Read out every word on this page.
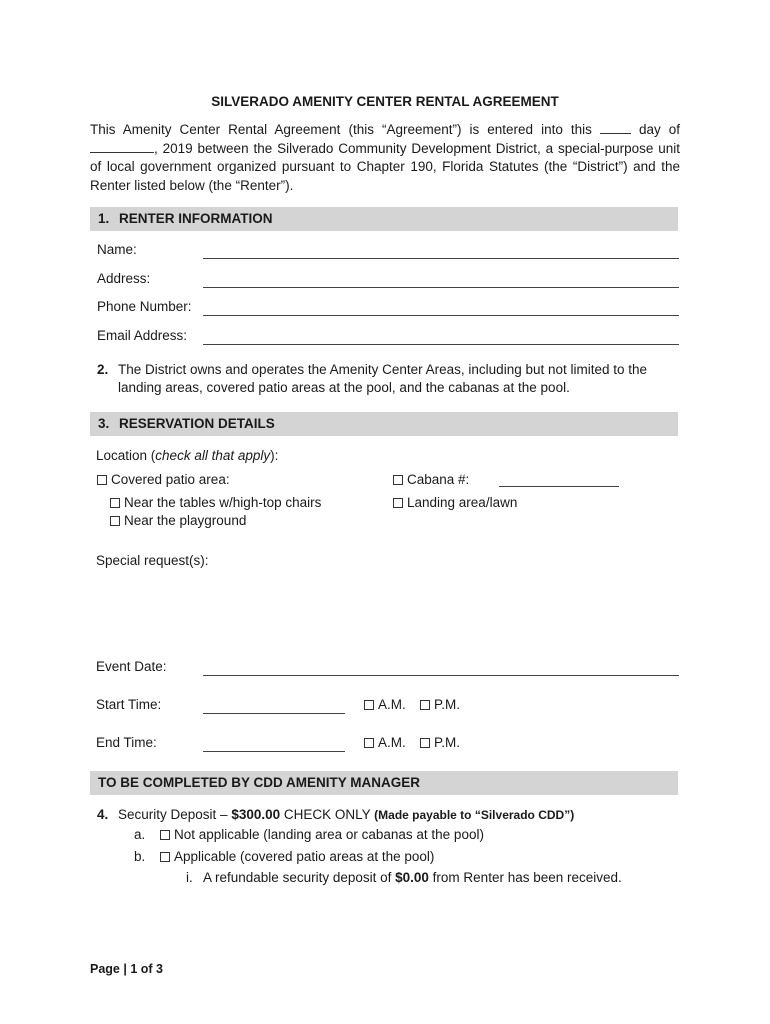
SILVERADO AMENITY CENTER RENTAL AGREEMENT
This Amenity Center Rental Agreement (this “Agreement”) is entered into this	day of , 2019 between the Silverado Community Development District, a special-purpose unit of local government organized pursuant to Chapter 190, Florida Statutes (the “District”) and the Renter listed below (the “Renter”).
1. RENTER INFORMATION
Name:
Address:
Phone Number:
Email Address:
2. The District owns and operates the Amenity Center Areas, including but not limited to the landing areas, covered patio areas at the pool, and the cabanas at the pool.
3. RESERVATION DETAILS
Location (check all that apply):
Covered patio area:	Cabana #:
Near the tables w/high-top chairs	Landing area/lawn
Near the playground
Special request(s):
Event Date:
Start Time:	A.M.	P.M.
End Time:	A.M.	P.M.
TO BE COMPLETED BY CDD AMENITY MANAGER
4. Security Deposit – $300.00 CHECK ONLY (Made payable to “Silverado CDD”)
a.	Not applicable (landing area or cabanas at the pool)
b.	Applicable (covered patio areas at the pool)
i. A refundable security deposit of $0.00 from Renter has been received.
Page | 1 of 3
